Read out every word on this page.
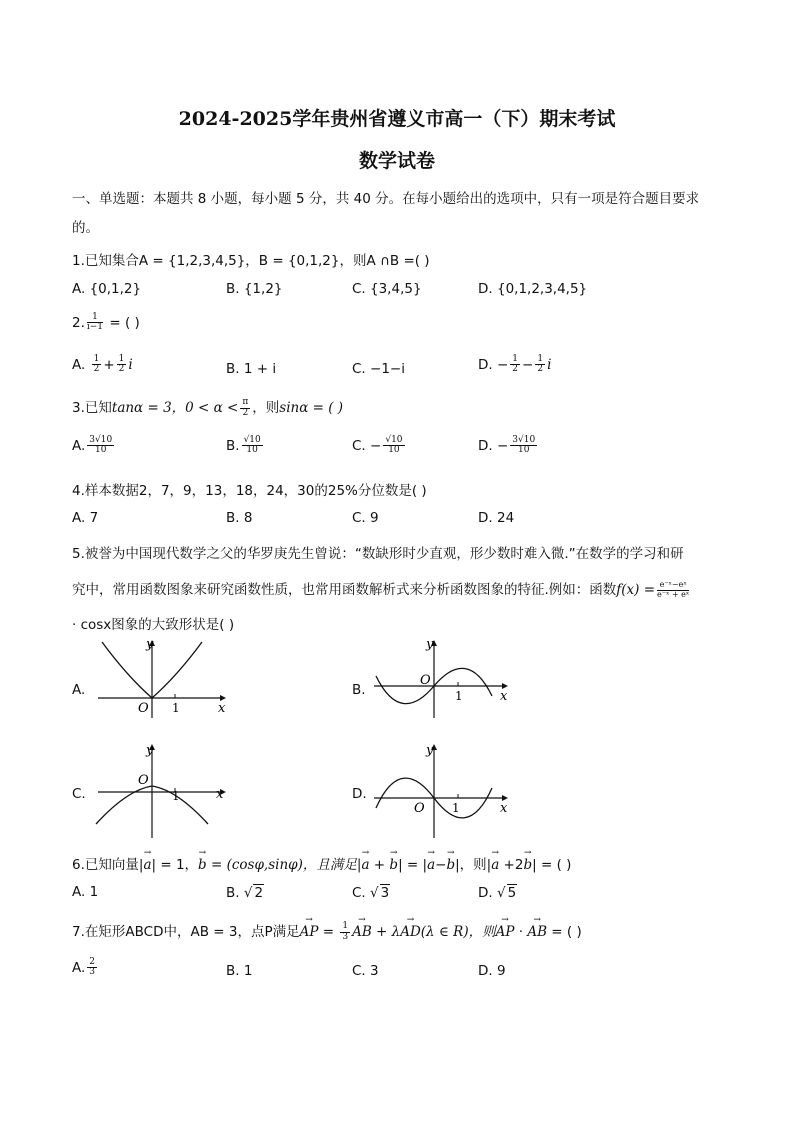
2024-2025学年贵州省遵义市高一（下）期末考试
数学试卷
一、单选题：本题共 8 小题，每小题 5 分，共 40 分。在每小题给出的选项中，只有一项是符合题目要求
的。
1.已知集合A = {1,2,3,4,5}，B = {0,1,2}，则A ∩B =( )
A. {0,1,2}	B. {1,2}	C. {3,4,5}	D. {0,1,2,3,4,5}
2. $\frac{1}{i-1}$ = ( )
A. $\frac{1}{2} + \frac{1}{2}$ i	B. 1 + i	C. −1−i	D. − $\frac{1}{2} - \frac{1}{2}$ i
3.已知tanα = 3，$0 < \alpha < \frac{\pi}{2}$ ，则sinα = ( )
A. $\frac{3√10}{10}$	B. $\frac{√10}{10}$	C. − $\frac{√10}{10}$	D. − $\frac{3√10}{10}$
4.样本数据2，7，9，13，18，24，30的25%分位数是( )
A. 7	B. 8	C. 9	D. 24
5.被誉为中国现代数学之父的华罗庚先生曾说：“数缺形时少直观，形少数时难入微.”在数学的学习和研
究中，常用函数图象来研究函数性质，也常用函数解析式来分析函数图象的特征.例如：函数$f(x) = \frac{\text{e⁻ˣ−eˣ}}{\text{e⁻ˣ + eˣ}}$
· cosx图象的大致形状是( )
A.
y
x
O 1
B.
y
x
O
1
C.
y
x
O
1	D.
y
x
O 1
6.已知向量|→ a| = 1，→ b = (cosφ,sinφ)，且满足|→ a + → b| = |→ a−→ b|，则|→ a +2→ b| = ( )
A. 1	B. √ 2	C. √ 3	D. √ 5
7.在矩形ABCD中，AB = 3，点P满足→ AP = $\frac{1}{3}$
→ AB + λ→ AD(λ ∈ R)，则→ AP · → AB = ( )
A. $\frac{2}{3}$	B. 1	C. 3	D. 9
